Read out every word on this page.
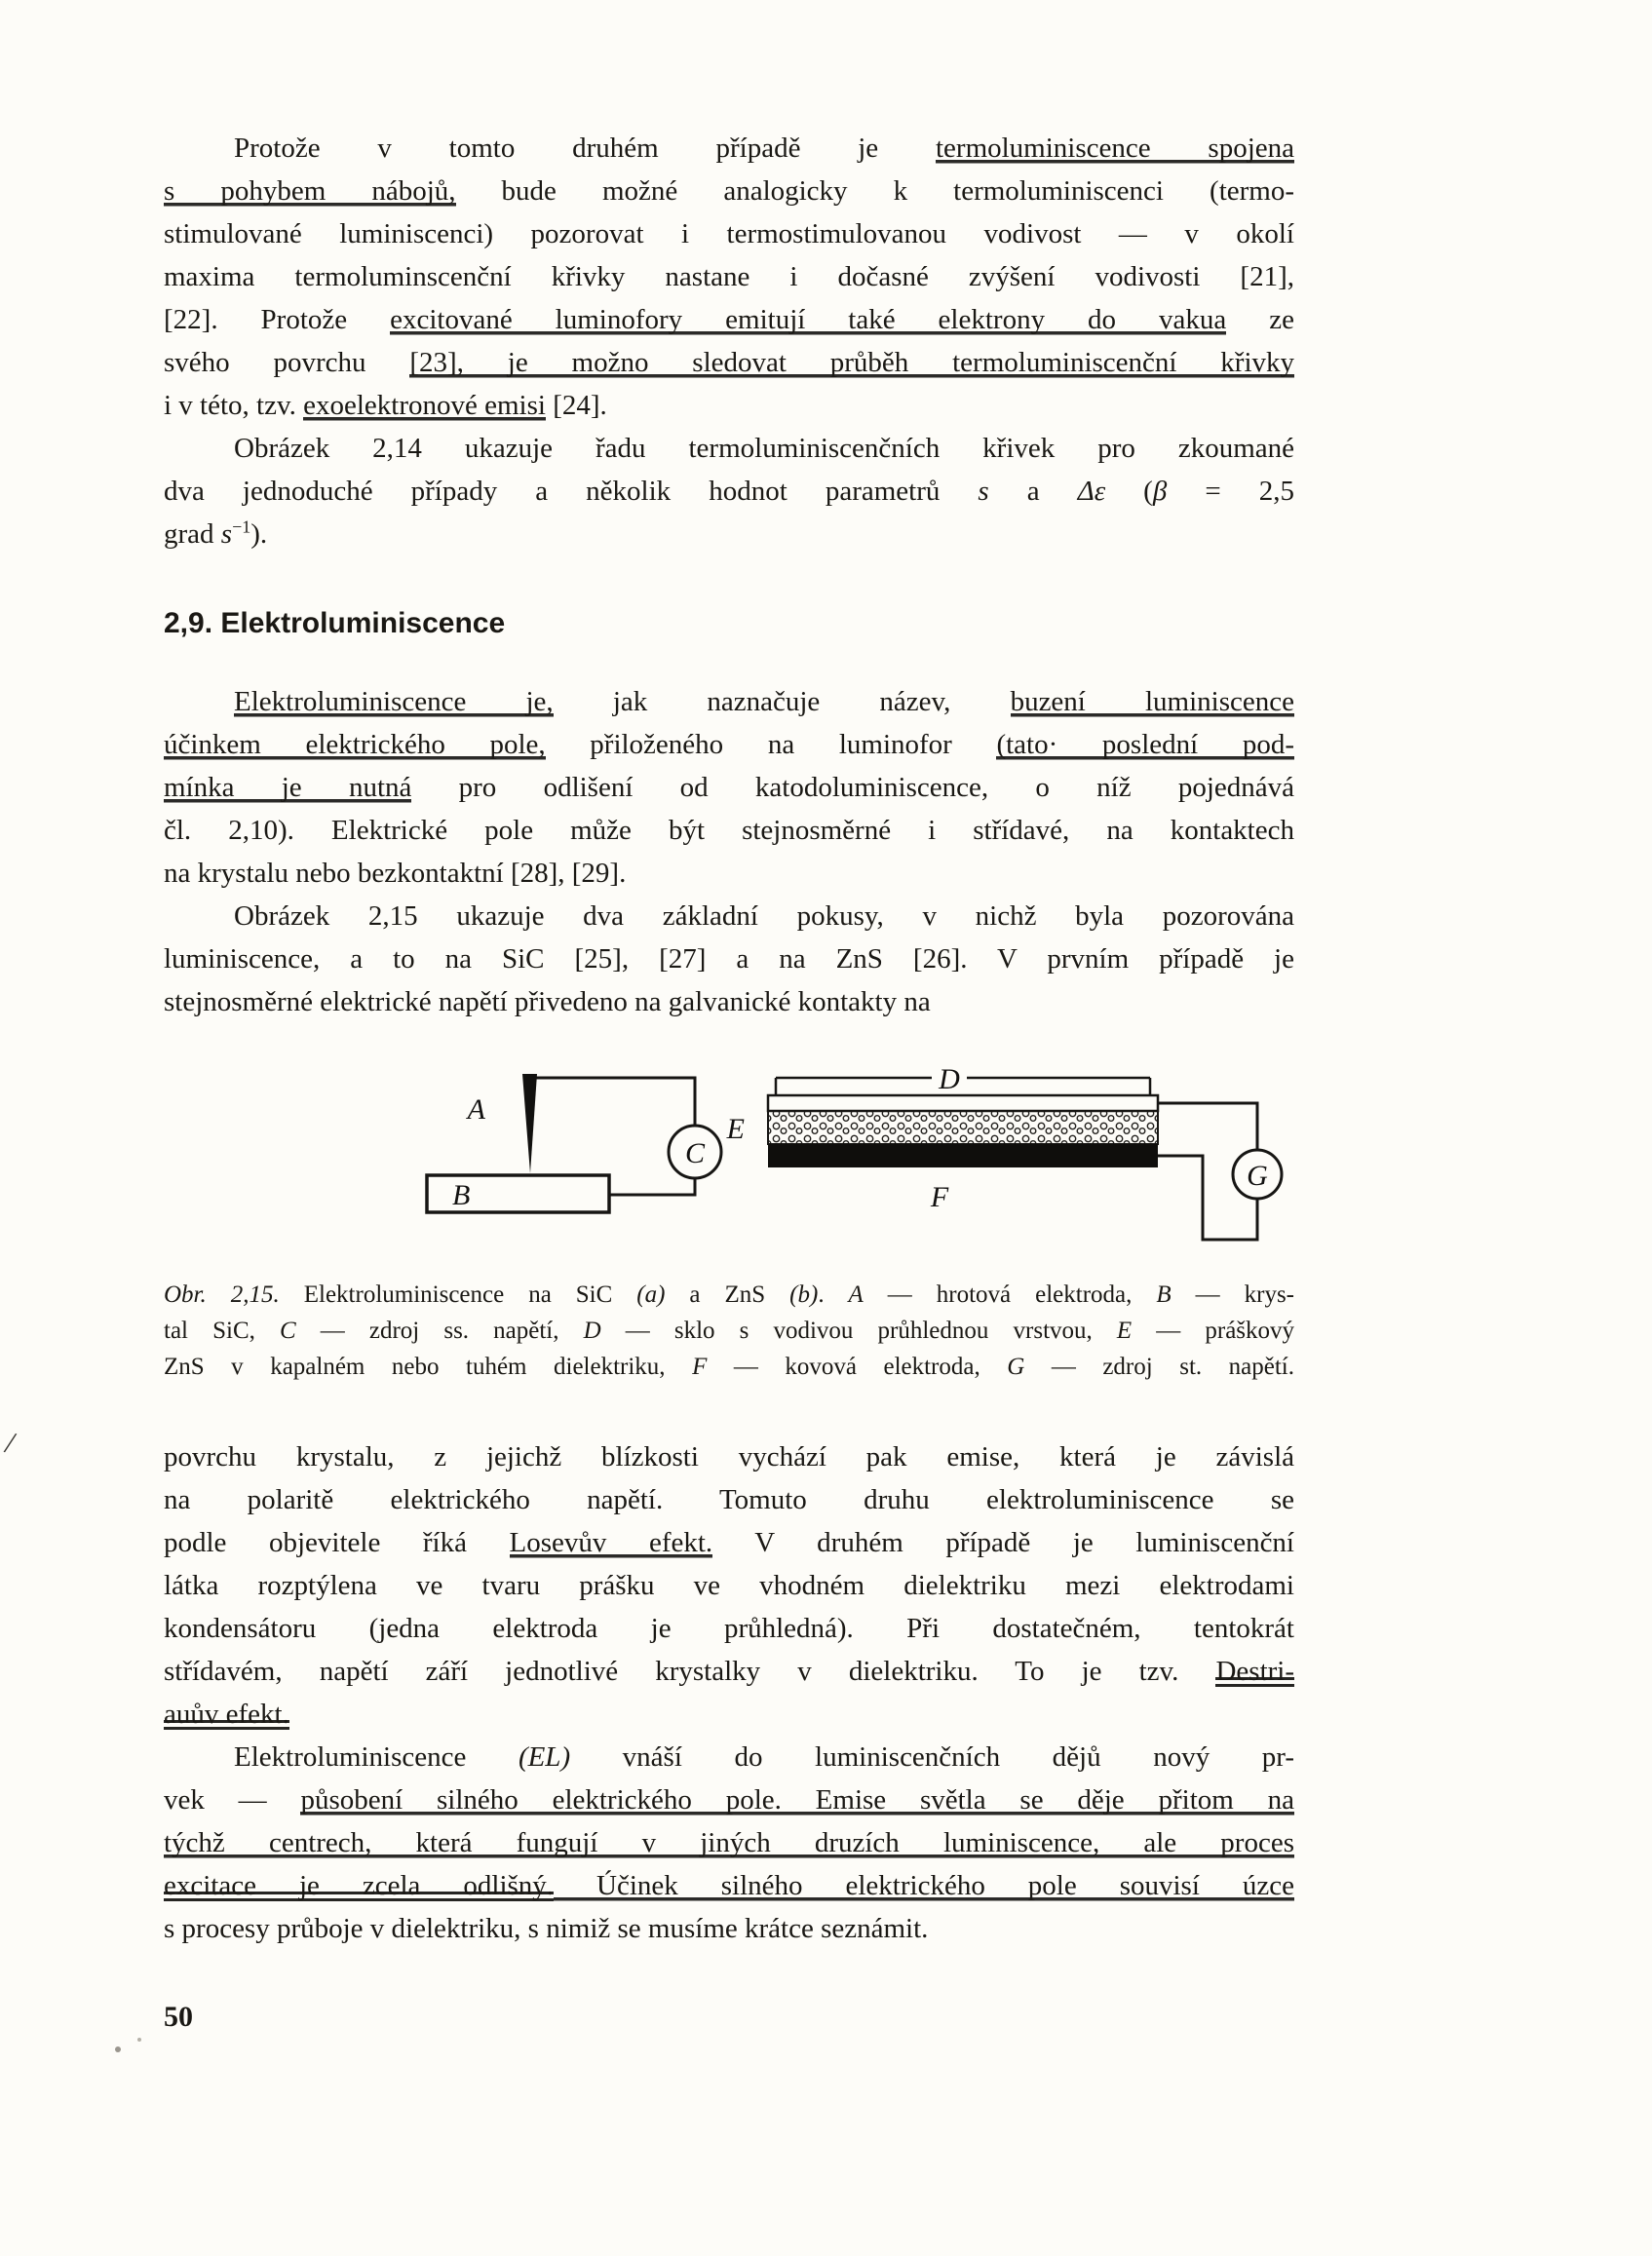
/
Protože v tomto druhém případě je termoluminiscence spojena
s pohybem nábojů, bude možné analogicky k termoluminiscenci (termo-
stimulované luminiscenci) pozorovat i termostimulovanou vodivost — v okolí
maxima termoluminscenční křivky nastane i dočasné zvýšení vodivosti [21],
[22]. Protože excitované luminofory emitují také elektrony do vakua ze
svého povrchu [23], je možno sledovat průběh termoluminiscenční křivky
i v této, tzv. exoelektronové emisi [24].
Obrázek 2,14 ukazuje řadu termoluminiscenčních křivek pro zkoumané
dva jednoduché případy a několik hodnot parametrů s a Δε (β = 2,5
grad $s^{-1}$).
2,9. Elektroluminiscence
Elektroluminiscence je, jak naznačuje název, buzení luminiscence
účinkem elektrického pole, přiloženého na luminofor (tato· poslední pod-
mínka je nutná pro odlišení od katodoluminiscence, o níž pojednává
čl. 2,10). Elektrické pole může být stejnosměrné i střídavé, na kontaktech
na krystalu nebo bezkontaktní [28], [29].
Obrázek 2,15 ukazuje dva základní pokusy, v nichž byla pozorována
luminiscence, a to na SiC [25], [27] a na ZnS [26]. V prvním případě je
stejnosměrné elektrické napětí přivedeno na galvanické kontakty na
A
B
C
D
E
F
G
Obr. 2,15. Elektroluminiscence na SiC (a) a ZnS (b). A — hrotová elektroda, B — krys-
tal SiC, C — zdroj ss. napětí, D — sklo s vodivou průhlednou vrstvou, E — práškový
ZnS v kapalném nebo tuhém dielektriku, F — kovová elektroda, G — zdroj st. napětí.
povrchu krystalu, z jejichž blízkosti vychází pak emise, která je závislá
na polaritě elektrického napětí. Tomuto druhu elektroluminiscence se
podle objevitele říká Losevův efekt. V druhém případě je luminiscenční
látka rozptýlena ve tvaru prášku ve vhodném dielektriku mezi elektrodami
kondensátoru (jedna elektroda je průhledná). Při dostatečném, tentokrát
střídavém, napětí září jednotlivé krystalky v dielektriku. To je tzv. Destri-
auův efekt.
Elektroluminiscence (EL) vnáší do luminiscenčních dějů nový pr-
vek — působení silného elektrického pole. Emise světla se děje přitom na
týchž centrech, která fungují v jiných druzích luminiscence, ale proces
excitace je zcela odlišný. Účinek silného elektrického pole souvisí úzce
s procesy průboje v dielektriku, s nimiž se musíme krátce seznámit.
50
